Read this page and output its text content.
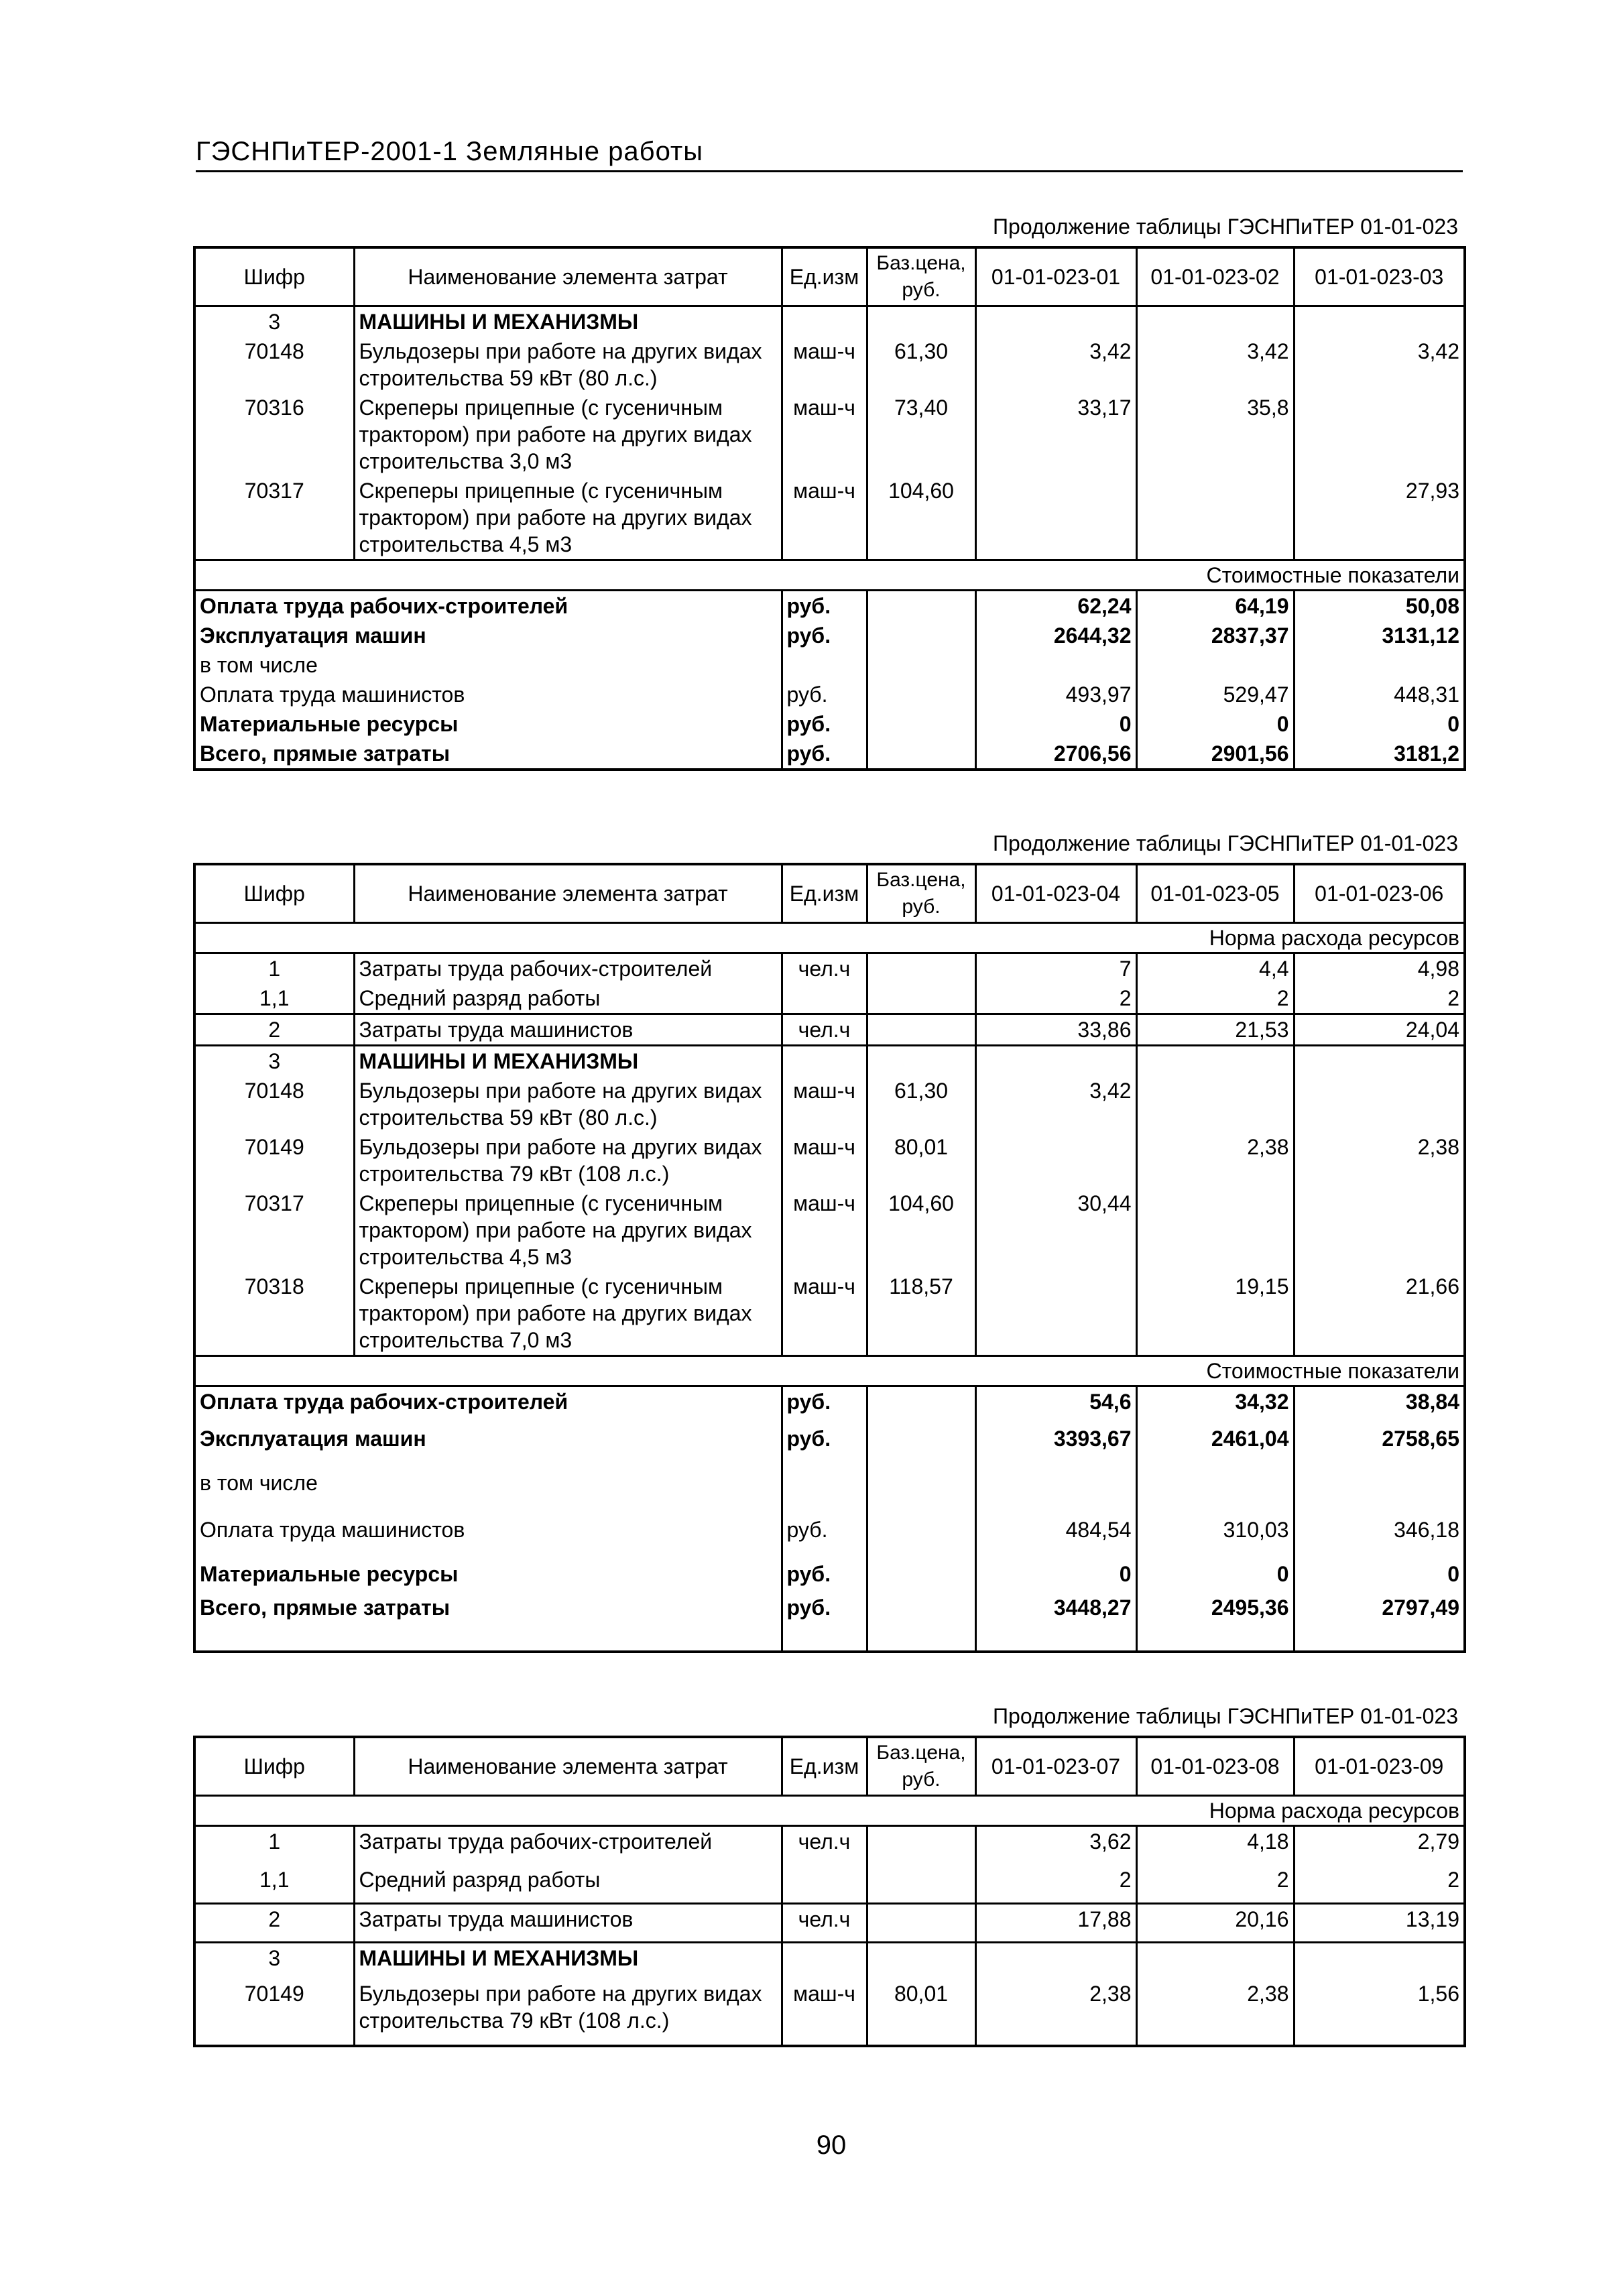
ГЭСНПиТЕР-2001-1 Земляные работы
Продолжение таблицы ГЭСНПиТЕР 01-01-023
Шифр	Наименование элемента затрат	Ед.изм	Баз.цена, руб.	01-01-023-01	01-01-023-02	01-01-023-03
3	МАШИНЫ И МЕХАНИЗМЫ					
70148	Бульдозеры при работе на других видах строительства 59 кВт (80 л.с.)	маш-ч	61,30	3,42	3,42	3,42
70316	Скреперы прицепные (с гусеничным трактором) при работе на других видах строительства 3,0 м3	маш-ч	73,40	33,17	35,8	
70317	Скреперы прицепные (с гусеничным трактором) при работе на других видах строительства 4,5 м3	маш-ч	104,60			27,93
Стоимостные показатели						
Оплата труда рабочих-строителей		руб.		62,24	64,19	50,08
Эксплуатация машин		руб.		2644,32	2837,37	3131,12
в том числе						
Оплата труда машинистов		руб.		493,97	529,47	448,31
Материальные ресурсы		руб.		0	0	0
Всего, прямые затраты		руб.		2706,56	2901,56	3181,2
Продолжение таблицы ГЭСНПиТЕР 01-01-023
Шифр	Наименование элемента затрат	Ед.изм	Баз.цена, руб.	01-01-023-04	01-01-023-05	01-01-023-06
Норма расхода ресурсов						
1	Затраты труда рабочих-строителей	чел.ч		7	4,4	4,98
1,1	Средний разряд работы			2	2	2
2	Затраты труда машинистов	чел.ч		33,86	21,53	24,04
3	МАШИНЫ И МЕХАНИЗМЫ					
70148	Бульдозеры при работе на других видах строительства 59 кВт (80 л.с.)	маш-ч	61,30	3,42		
70149	Бульдозеры при работе на других видах строительства 79 кВт (108 л.с.)	маш-ч	80,01		2,38	2,38
70317	Скреперы прицепные (с гусеничным трактором) при работе на других видах строительства 4,5 м3	маш-ч	104,60	30,44		
70318	Скреперы прицепные (с гусеничным трактором) при работе на других видах строительства 7,0 м3	маш-ч	118,57		19,15	21,66
Стоимостные показатели						
Оплата труда рабочих-строителей		руб.		54,6	34,32	38,84
Эксплуатация машин		руб.		3393,67	2461,04	2758,65
в том числе						
Оплата труда машинистов		руб.		484,54	310,03	346,18
Материальные ресурсы		руб.		0	0	0
Всего, прямые затраты		руб.		3448,27	2495,36	2797,49
Продолжение таблицы ГЭСНПиТЕР 01-01-023
Шифр	Наименование элемента затрат	Ед.изм	Баз.цена, руб.	01-01-023-07	01-01-023-08	01-01-023-09
Норма расхода ресурсов						
1	Затраты труда рабочих-строителей	чел.ч		3,62	4,18	2,79
1,1	Средний разряд работы			2	2	2
2	Затраты труда машинистов	чел.ч		17,88	20,16	13,19
3	МАШИНЫ И МЕХАНИЗМЫ					
70149	Бульдозеры при работе на других видах строительства 79 кВт (108 л.с.)	маш-ч	80,01	2,38	2,38	1,56
90
